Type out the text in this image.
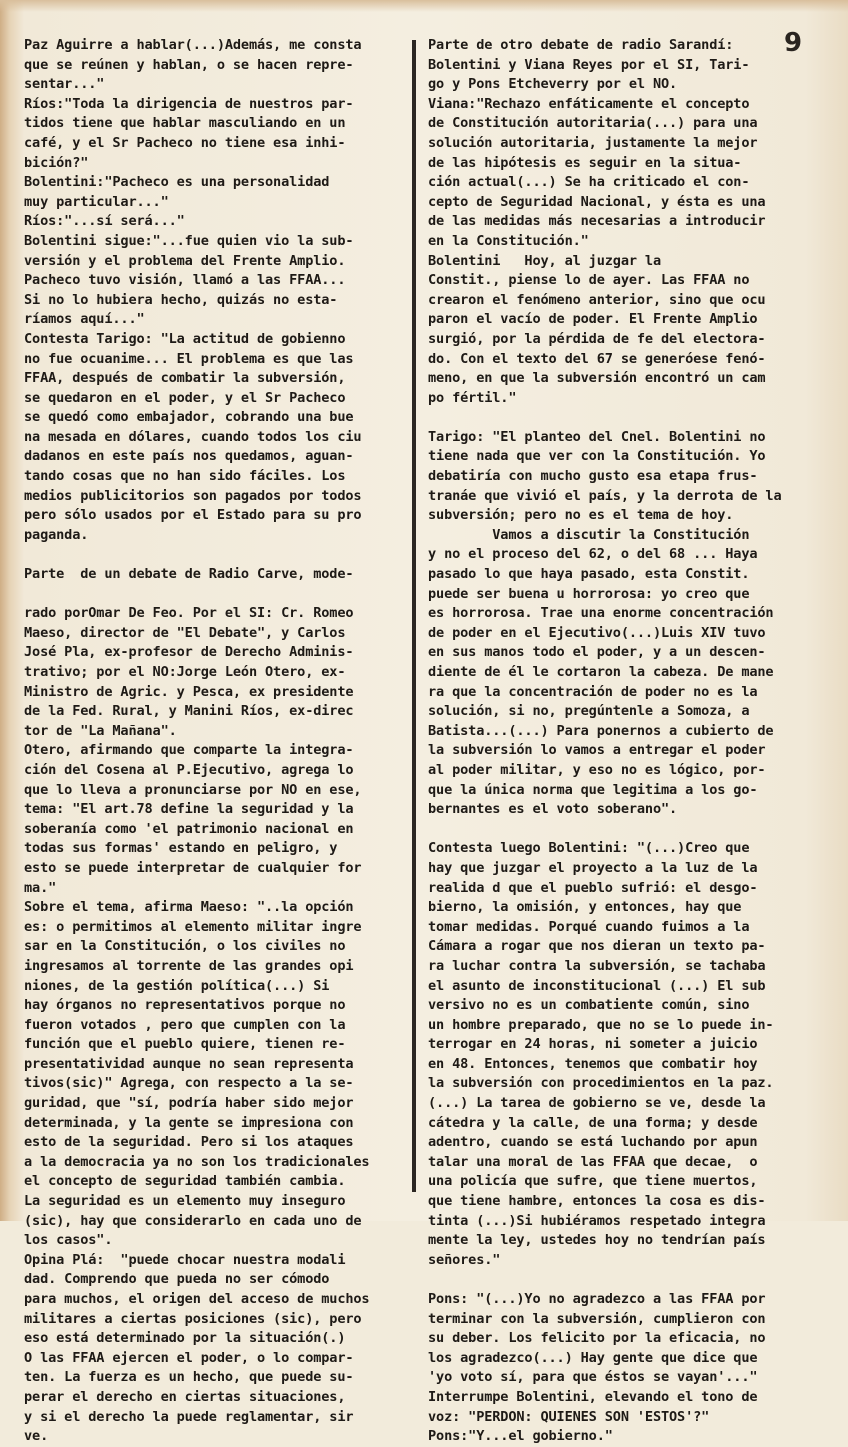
9
Paz Aguirre a hablar(...)Además, me consta
que se reúnen y hablan, o se hacen repre-
sentar..."
Ríos:"Toda la dirigencia de nuestros par-
tidos tiene que hablar masculiando en un
café, y el Sr Pacheco no tiene esa inhi-
bición?"
Bolentini:"Pacheco es una personalidad
muy particular..."
Ríos:"...sí será..."
Bolentini sigue:"...fue quien vio la sub-
versión y el problema del Frente Amplio.
Pacheco tuvo visión, llamó a las FFAA...
Si no lo hubiera hecho, quizás no esta-
ríamos aquí..."
Contesta Tarigo: "La actitud de gobienno
no fue ocuanime... El problema es que las
FFAA, después de combatir la subversión,
se quedaron en el poder, y el Sr Pacheco
se quedó como embajador, cobrando una bue
na mesada en dólares, cuando todos los ciu
dadanos en este país nos quedamos, aguan-
tando cosas que no han sido fáciles. Los
medios publicitorios son pagados por todos
pero sólo usados por el Estado para su pro
paganda.
Parte  de un debate de Radio Carve, mode-
rado porOmar De Feo. Por el SI: Cr. Romeo
Maeso, director de "El Debate", y Carlos
José Pla, ex-profesor de Derecho Adminis-
trativo; por el NO:Jorge León Otero, ex-
Ministro de Agric. y Pesca, ex presidente
de la Fed. Rural, y Manini Ríos, ex-direc
tor de "La Mañana".
Otero, afirmando que comparte la integra-
ción del Cosena al P.Ejecutivo, agrega lo
que lo lleva a pronunciarse por NO en ese,
tema: "El art.78 define la seguridad y la
soberanía como 'el patrimonio nacional en
todas sus formas' estando en peligro, y
esto se puede interpretar de cualquier for
ma."
Sobre el tema, afirma Maeso: "..la opción
es: o permitimos al elemento militar ingre
sar en la Constitución, o los civiles no
ingresamos al torrente de las grandes opi
niones, de la gestión política(...) Si
hay órganos no representativos porque no
fueron votados , pero que cumplen con la
función que el pueblo quiere, tienen re-
presentatividad aunque no sean representa
tivos(sic)" Agrega, con respecto a la se-
guridad, que "sí, podría haber sido mejor
determinada, y la gente se impresiona con
esto de la seguridad. Pero si los ataques
a la democracia ya no son los tradicionales
el concepto de seguridad también cambia.
La seguridad es un elemento muy inseguro
(sic), hay que considerarlo en cada uno de
los casos".
Opina Plá:  "puede chocar nuestra modali
dad. Comprendo que pueda no ser cómodo
para muchos, el origen del acceso de muchos
militares a ciertas posiciones (sic), pero
eso está determinado por la situación(.)
O las FFAA ejercen el poder, o lo compar-
ten. La fuerza es un hecho, que puede su-
perar el derecho en ciertas situaciones,
y si el derecho la puede reglamentar, sir
ve.
Parte de otro debate de radio Sarandí:
Bolentini y Viana Reyes por el SI, Tari-
go y Pons Etcheverry por el NO.
Viana:"Rechazo enfáticamente el concepto
de Constitución autoritaria(...) para una
solución autoritaria, justamente la mejor
de las hipótesis es seguir en la situa-
ción actual(...) Se ha criticado el con-
cepto de Seguridad Nacional, y ésta es una
de las medidas más necesarias a introducir
en la Constitución."
Bolentini   Hoy, al juzgar la
Constit., piense lo de ayer. Las FFAA no
crearon el fenómeno anterior, sino que ocu
paron el vacío de poder. El Frente Amplio
surgió, por la pérdida de fe del electora-
do. Con el texto del 67 se generóese fenó-
meno, en que la subversión encontró un cam
po fértil."
Tarigo: "El planteo del Cnel. Bolentini no
tiene nada que ver con la Constitución. Yo
debatiría con mucho gusto esa etapa frus-
tranáe que vivió el país, y la derrota de la
subversión; pero no es el tema de hoy.
Vamos a discutir la Constitución
y no el proceso del 62, o del 68 ... Haya
pasado lo que haya pasado, esta Constit.
puede ser buena u horrorosa: yo creo que
es horrorosa. Trae una enorme concentración
de poder en el Ejecutivo(...)Luis XIV tuvo
en sus manos todo el poder, y a un descen-
diente de él le cortaron la cabeza. De mane
ra que la concentración de poder no es la
solución, si no, pregúntenle a Somoza, a
Batista...(...) Para ponernos a cubierto de
la subversión lo vamos a entregar el poder
al poder militar, y eso no es lógico, por-
que la única norma que legitima a los go-
bernantes es el voto soberano".
Contesta luego Bolentini: "(...)Creo que
hay que juzgar el proyecto a la luz de la
realida d que el pueblo sufrió: el desgo-
bierno, la omisión, y entonces, hay que
tomar medidas. Porqué cuando fuimos a la
Cámara a rogar que nos dieran un texto pa-
ra luchar contra la subversión, se tachaba
el asunto de inconstitucional (...) El sub
versivo no es un combatiente común, sino
un hombre preparado, que no se lo puede in-
terrogar en 24 horas, ni someter a juicio
en 48. Entonces, tenemos que combatir hoy
la subversión con procedimientos en la paz.
(...) La tarea de gobierno se ve, desde la
cátedra y la calle, de una forma; y desde
adentro, cuando se está luchando por apun
talar una moral de las FFAA que decae,  o
una policía que sufre, que tiene muertos,
que tiene hambre, entonces la cosa es dis-
tinta (...)Si hubiéramos respetado integra
mente la ley, ustedes hoy no tendrían país
señores."
Pons: "(...)Yo no agradezco a las FFAA por
terminar con la subversión, cumplieron con
su deber. Los felicito por la eficacia, no
los agradezco(...) Hay gente que dice que
'yo voto sí, para que éstos se vayan'..."
Interrumpe Bolentini, elevando el tono de
voz: "PERDON: QUIENES SON 'ESTOS'?"
Pons:"Y...el gobierno."
